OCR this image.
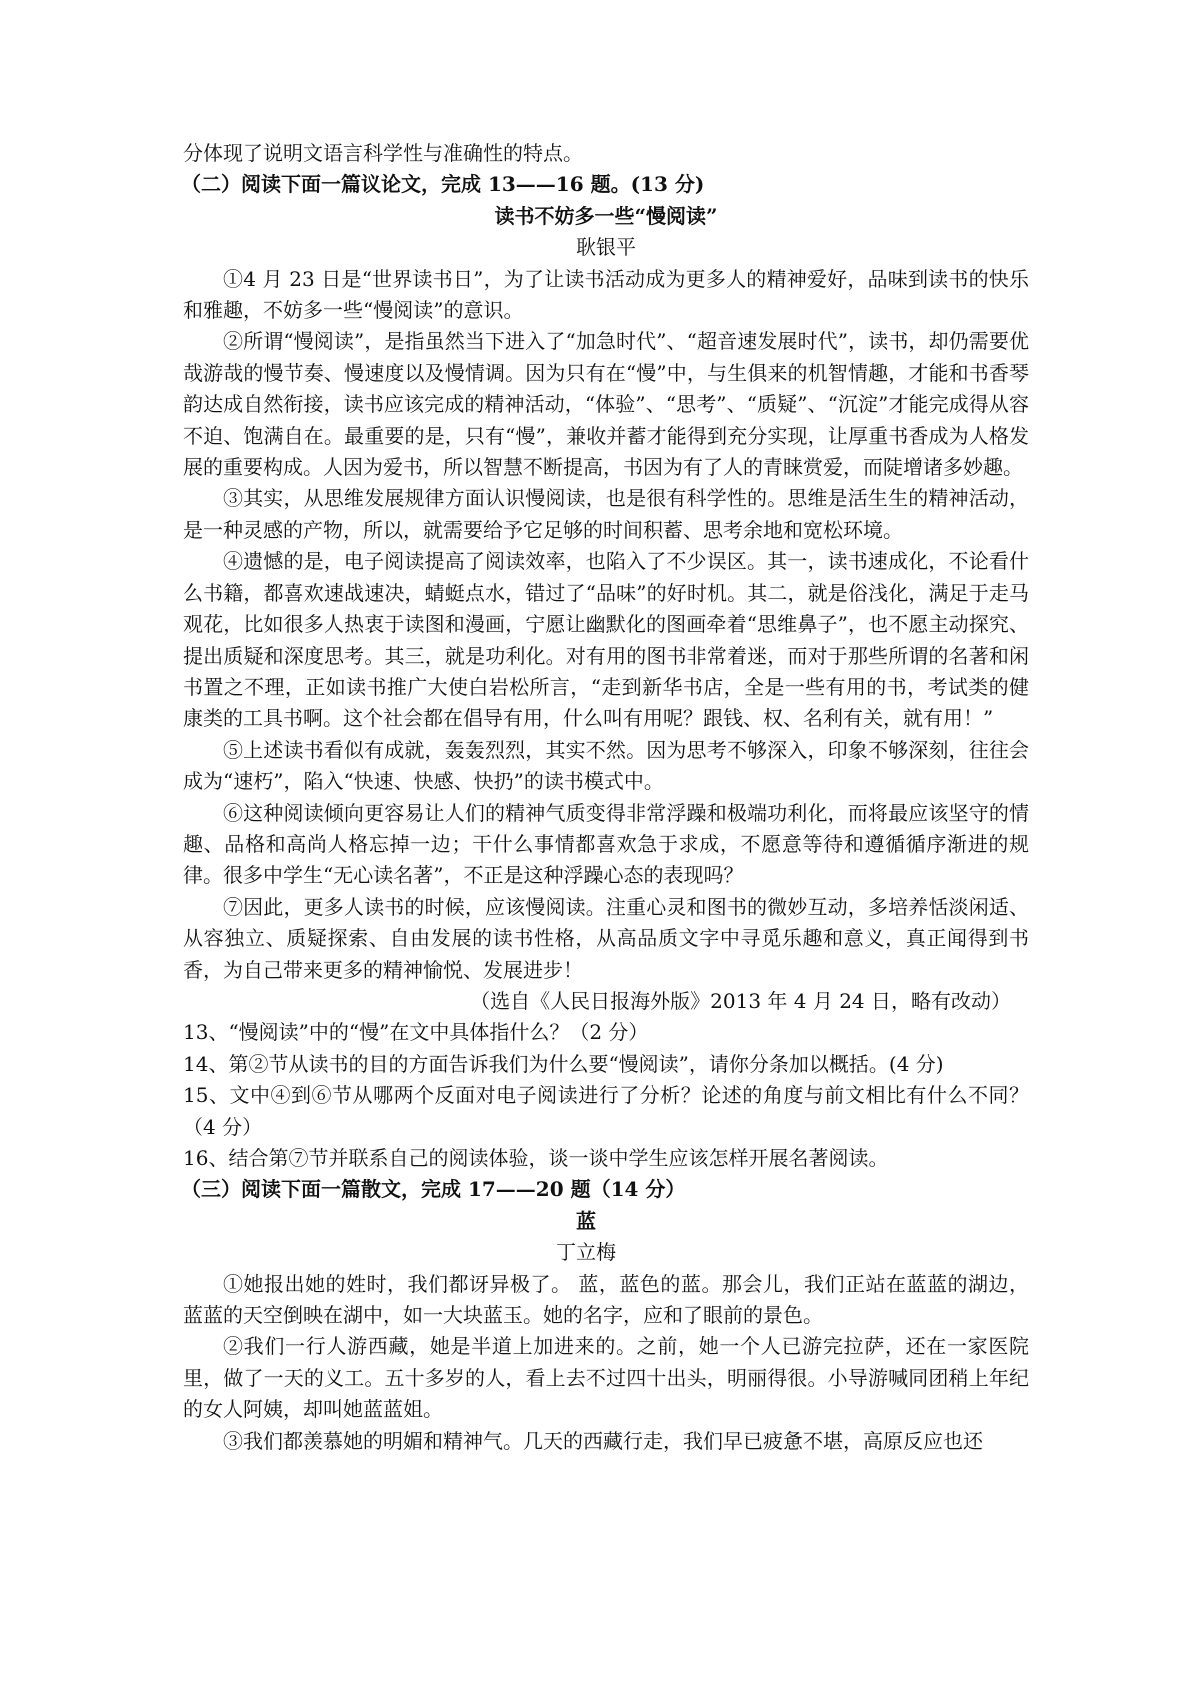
分体现了说明文语言科学性与准确性的特点。

（二）阅读下面一篇议论文，完成 13——16 题。(13 分)

读书不妨多一些“慢阅读”

耿银平

①4 月 23 日是“世界读书日”，为了让读书活动成为更多人的精神爱好，品味到读书的快乐和雅趣，不妨多一些“慢阅读”的意识。

②所谓“慢阅读”，是指虽然当下进入了“加急时代”、“超音速发展时代”，读书，却仍需要优哉游哉的慢节奏、慢速度以及慢情调。因为只有在“慢”中，与生俱来的机智情趣，才能和书香琴韵达成自然衔接，读书应该完成的精神活动，“体验”、“思考”、“质疑”、“沉淀”才能完成得从容不迫、饱满自在。最重要的是，只有“慢”，兼收并蓄才能得到充分实现，让厚重书香成为人格发展的重要构成。人因为爱书，所以智慧不断提高，书因为有了人的青睐赏爱，而陡增诸多妙趣。

③其实，从思维发展规律方面认识慢阅读，也是很有科学性的。思维是活生生的精神活动，是一种灵感的产物，所以，就需要给予它足够的时间积蓄、思考余地和宽松环境。

④遗憾的是，电子阅读提高了阅读效率，也陷入了不少误区。其一，读书速成化，不论看什么书籍，都喜欢速战速决，蜻蜓点水，错过了“品味”的好时机。其二，就是俗浅化，满足于走马观花，比如很多人热衷于读图和漫画，宁愿让幽默化的图画牵着“思维鼻子”，也不愿主动探究、提出质疑和深度思考。其三，就是功利化。对有用的图书非常着迷，而对于那些所谓的名著和闲书置之不理，正如读书推广大使白岩松所言，“走到新华书店，全是一些有用的书，考试类的健康类的工具书啊。这个社会都在倡导有用，什么叫有用呢？跟钱、权、名利有关，就有用！”

⑤上述读书看似有成就，轰轰烈烈，其实不然。因为思考不够深入，印象不够深刻，往往会成为“速朽”，陷入“快速、快感、快扔”的读书模式中。

⑥这种阅读倾向更容易让人们的精神气质变得非常浮躁和极端功利化，而将最应该坚守的情趣、品格和高尚人格忘掉一边；干什么事情都喜欢急于求成，不愿意等待和遵循循序渐进的规律。很多中学生“无心读名著”，不正是这种浮躁心态的表现吗？

⑦因此，更多人读书的时候，应该慢阅读。注重心灵和图书的微妙互动，多培养恬淡闲适、从容独立、质疑探索、自由发展的读书性格，从高品质文字中寻觅乐趣和意义，真正闻得到书香，为自己带来更多的精神愉悦、发展进步！

（选自《人民日报海外版》2013 年 4 月 24 日，略有改动）

13、“慢阅读”中的“慢”在文中具体指什么？（2 分）

14、第②节从读书的目的方面告诉我们为什么要“慢阅读”，请你分条加以概括。(4 分)

15、文中④到⑥节从哪两个反面对电子阅读进行了分析？论述的角度与前文相比有什么不同？（4 分）

16、结合第⑦节并联系自己的阅读体验，谈一谈中学生应该怎样开展名著阅读。

（三）阅读下面一篇散文，完成 17——20 题（14 分）

蓝

丁立梅

①她报出她的姓时，我们都讶异极了。 蓝，蓝色的蓝。那会儿，我们正站在蓝蓝的湖边，蓝蓝的天空倒映在湖中，如一大块蓝玉。她的名字，应和了眼前的景色。

②我们一行人游西藏，她是半道上加进来的。之前，她一个人已游完拉萨，还在一家医院里，做了一天的义工。五十多岁的人，看上去不过四十出头，明丽得很。小导游喊同团稍上年纪的女人阿姨，却叫她蓝蓝姐。

③我们都羡慕她的明媚和精神气。几天的西藏行走，我们早已疲惫不堪，高原反应也还
